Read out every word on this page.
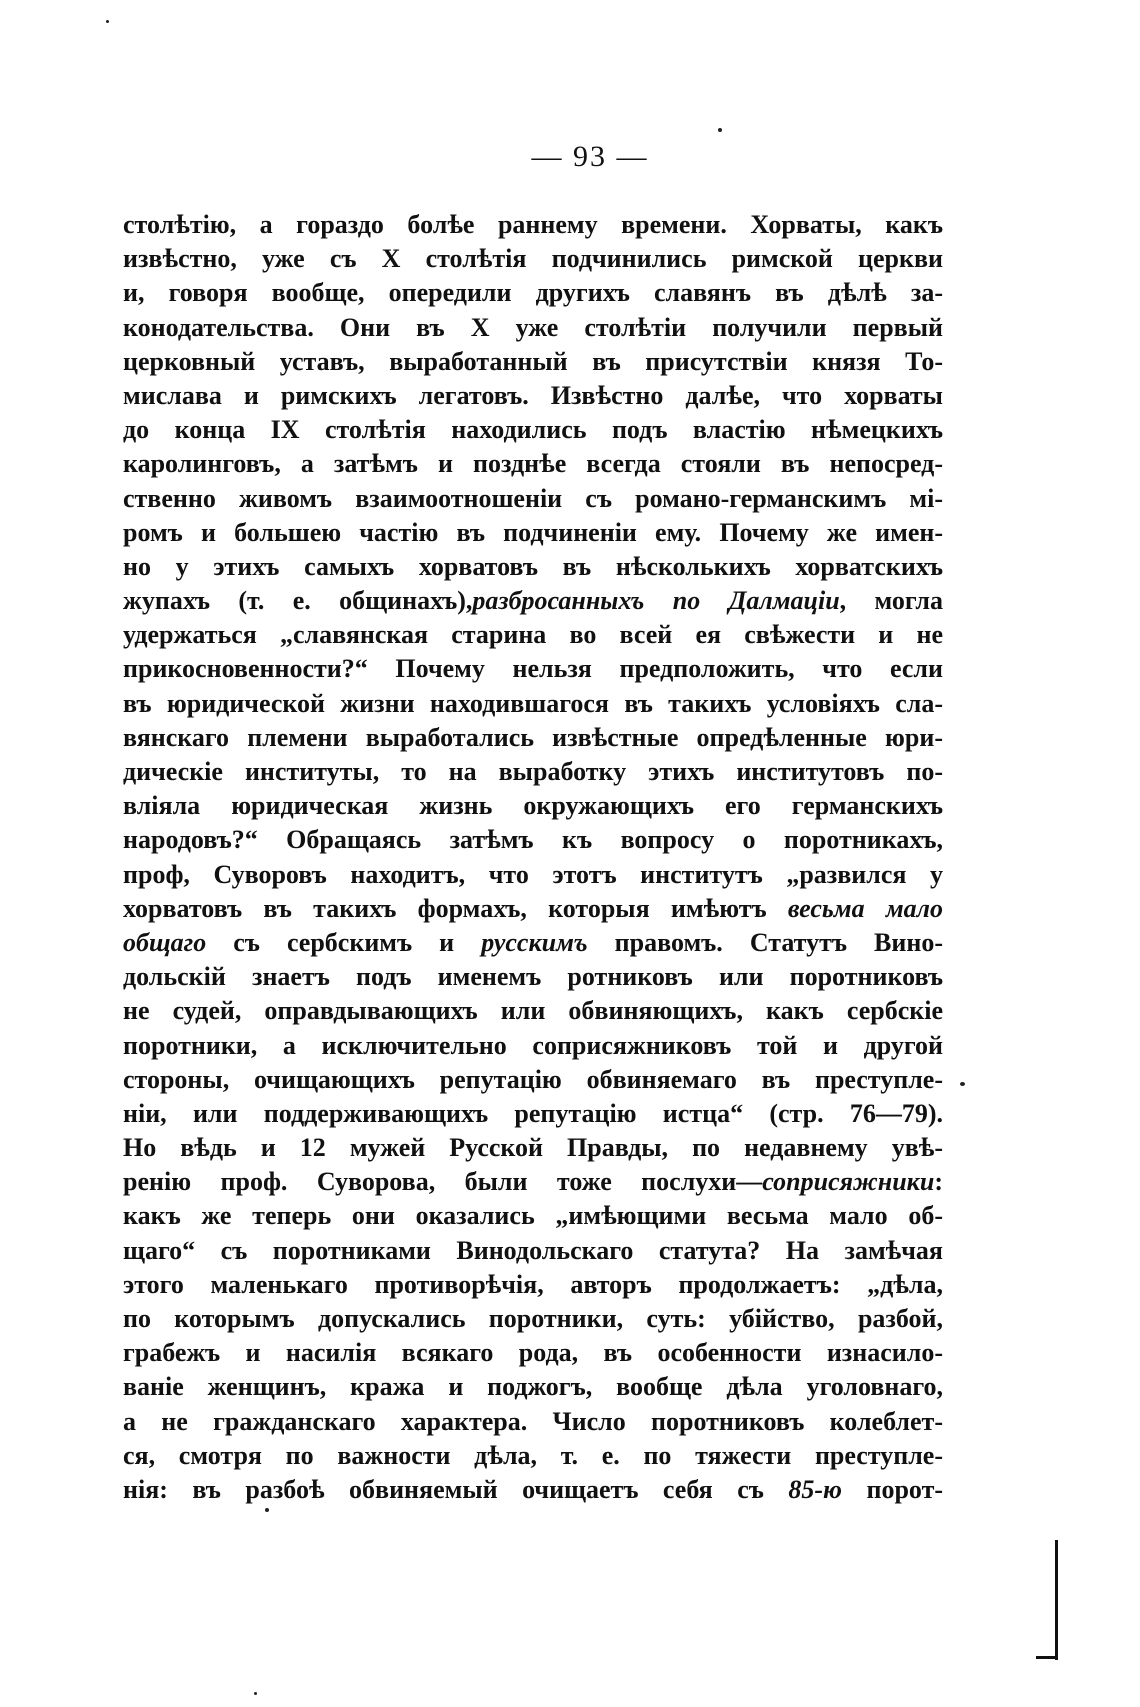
— 93 —
столѣтію, а гораздо болѣе раннему времени. Хорваты, какъ
извѣстно, уже съ X столѣтія подчинились римской церкви
и, говоря вообще, опередили другихъ славянъ въ дѣлѣ за-
конодательства. Они въ X уже столѣтіи получили первый
церковный уставъ, выработанный въ присутствіи князя То-
мислава и римскихъ легатовъ. Извѣстно далѣе, что хорваты
до конца IX столѣтія находились подъ властію нѣмецкихъ
каролинговъ, а затѣмъ и позднѣе всегда стояли въ непосред-
ственно живомъ взаимоотношеніи съ романо-германскимъ мі-
ромъ и большею частію въ подчиненіи ему. Почему же имен-
но у этихъ самыхъ хорватовъ въ нѣсколькихъ хорватскихъ
жупахъ (т. е. общинахъ),разбросанныхъ по Далмаціи, могла
удержаться „славянская старина во всей ея свѣжести и не
прикосновенности?“ Почему нельзя предположить, что если
въ юридической жизни находившагося въ такихъ условіяхъ сла-
вянскаго племени выработались извѣстные опредѣленные юри-
дическіе институты, то на выработку этихъ институтовъ по-
вліяла юридическая жизнь окружающихъ его германскихъ
народовъ?“ Обращаясь затѣмъ къ вопросу о поротникахъ,
проф, Суворовъ находитъ, что этотъ институтъ „развился у
хорватовъ въ такихъ формахъ, которыя имѣютъ весьма мало
общаго съ сербскимъ и русскимъ правомъ. Статутъ Вино-
дольскій знаетъ подъ именемъ ротниковъ или поротниковъ
не судей, оправдывающихъ или обвиняющихъ, какъ сербскіе
поротники, а исключительно соприсяжниковъ той и другой
стороны, очищающихъ репутацію обвиняемаго въ преступле-
ніи, или поддерживающихъ репутацію истца“ (стр. 76—79).
Но вѣдь и 12 мужей Русской Правды, по недавнему увѣ-
ренію проф. Суворова, были тоже послухи—соприсяжники:
какъ же теперь они оказались „имѣющими весьма мало об-
щаго“ съ поротниками Винодольскаго статута? На замѣчая
этого маленькаго противорѣчія, авторъ продолжаетъ: „дѣла,
по которымъ допускались поротники, суть: убійство, разбой,
грабежъ и насилія всякаго рода, въ особенности изнасило-
ваніе женщинъ, кража и поджогъ, вообще дѣла уголовнаго,
а не гражданскаго характера. Число поротниковъ колеблет-
ся, смотря по важности дѣла, т. е. по тяжести преступле-
нія: въ разбоѣ обвиняемый очищаетъ себя съ 85-ю порот-
